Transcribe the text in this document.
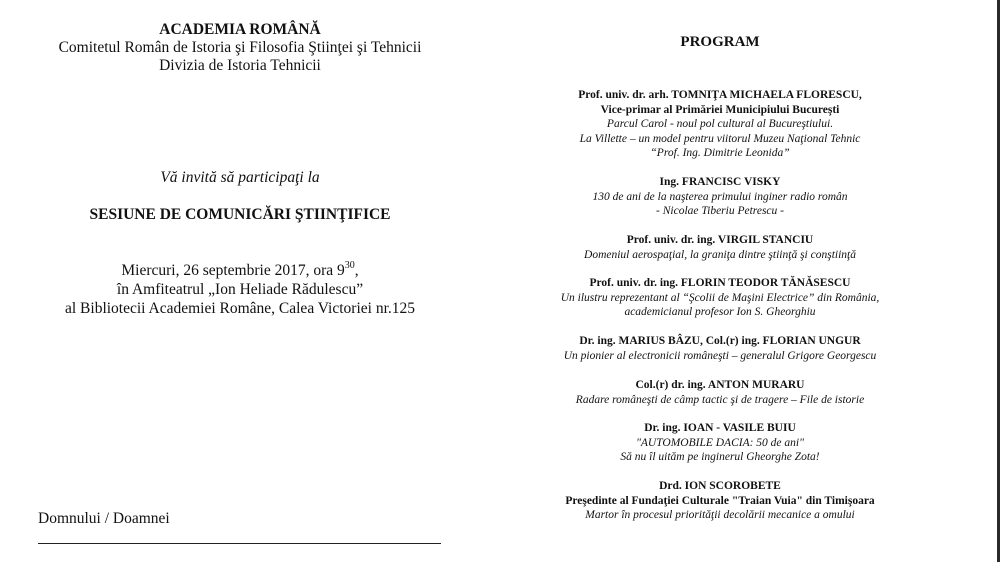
ACADEMIA ROMÂNĂ
Comitetul Român de Istoria şi Filosofia Ştiinţei şi Tehnicii
Divizia de Istoria Tehnicii
Vă invită să participaţi la
SESIUNE DE COMUNICĂRI ŞTIINŢIFICE
Miercuri, 26 septembrie 2017, ora $9^{30}$,
în Amfiteatrul „Ion Heliade Rădulescu”
al Bibliotecii Academiei Române, Calea Victoriei nr.125
Domnului / Doamnei
PROGRAM
Prof. univ. dr. arh. TOMNIŢA MICHAELA FLORESCU,
Vice-primar al Primăriei Municipiului Bucureşti
Parcul Carol - noul pol cultural al Bucureştiului.
La Villette – un model pentru viitorul Muzeu Naţional Tehnic
“Prof. Ing. Dimitrie Leonida”
Ing. FRANCISC VISKY
130 de ani de la naşterea primului inginer radio român
- Nicolae Tiberiu Petrescu -
Prof. univ. dr. ing. VIRGIL STANCIU
Domeniul aerospaţial, la graniţa dintre ştiinţă şi conştiinţă
Prof. univ. dr. ing. FLORIN TEODOR TĂNĂSESCU
Un ilustru reprezentant al “Şcolii de Maşini Electrice” din România,
academicianul profesor Ion S. Gheorghiu
Dr. ing. MARIUS BÂZU, Col.(r) ing. FLORIAN UNGUR
Un pionier al electronicii româneşti – generalul Grigore Georgescu
Col.(r) dr. ing. ANTON MURARU
Radare româneşti de câmp tactic şi de tragere – File de istorie
Dr. ing. IOAN - VASILE BUIU
"AUTOMOBILE DACIA: 50 de ani"
Să nu îl uităm pe inginerul Gheorghe Zota!
Drd. ION SCOROBETE
Preşedinte al Fundaţiei Culturale "Traian Vuia" din Timişoara
Martor în procesul priorităţii decolării mecanice a omului
